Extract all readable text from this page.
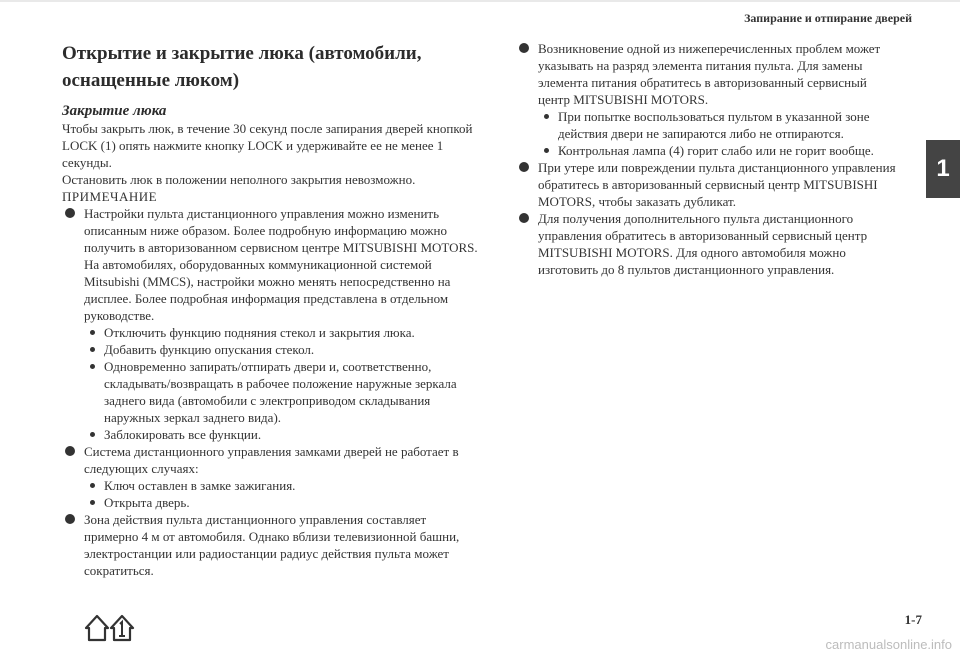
Запирание и отпирание дверей
Открытие и закрытие люка (автомобили, оснащенные люком)
Закрытие люка

Чтобы закрыть люк, в течение 30 секунд после запирания дверей кнопкой LOCK (1) опять нажмите кнопку LOCK и удерживайте ее не менее 1 секунды.

Остановить люк в положении неполного закрытия невозможно.

ПРИМЕЧАНИЕ

Настройки пульта дистанционного управления можно изменить описанным ниже образом. Более подробную информацию можно получить в авторизованном сервисном центре MITSUBISHI MOTORS. На автомобилях, оборудованных коммуникационной системой Mitsubishi (MMCS), настройки можно менять непосредственно на дисплее. Более подробная информация представлена в отдельном руководстве.
Отключить функцию подняния стекол и закрытия люка.
Добавить функцию опускания стекол.
Одновременно запирать/отпирать двери и, соответственно, складывать/возвращать в рабочее положение наружные зеркала заднего вида (автомобили с электроприводом складывания наружных зеркал заднего вида).
Заблокировать все функции.
Система дистанционного управления замками дверей не работает в следующих случаях:
Ключ оставлен в замке зажигания.
Открыта дверь.
Зона действия пульта дистанционного управления составляет примерно 4 м от автомобиля. Однако вблизи телевизионной башни, электростанции или радиостанции радиус действия пульта может сократиться.
Возникновение одной из нижеперечисленных проблем может указывать на разряд элемента питания пульта. Для замены элемента питания обратитесь в авторизованный сервисный центр MITSUBISHI MOTORS.
При попытке воспользоваться пультом в указанной зоне действия двери не запираются либо не отпираются.
Контрольная лампа (4) горит слабо или не горит вообще.
При утере или повреждении пульта дистанционного управления обратитесь в авторизованный сервисный центр MITSUBISHI MOTORS, чтобы заказать дубликат.
Для получения дополнительного пульта дистанционного управления обратитесь в авторизованный сервисный центр MITSUBISHI MOTORS. Для одного автомобиля можно изготовить до 8 пультов дистанционного управления.
1
1-7
carmanualsonline.info
